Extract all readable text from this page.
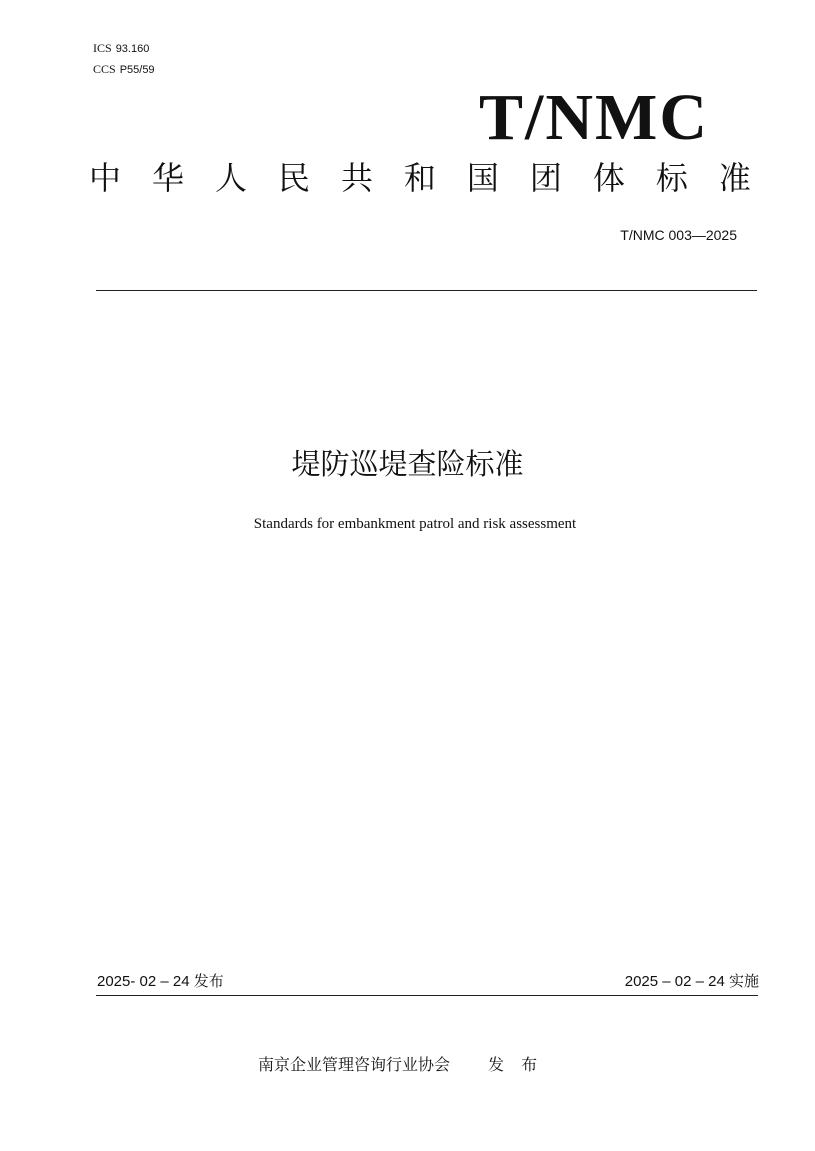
ICS 93.160
CCS P55/59
T/NMC
中 华 人 民 共 和 国 团 体 标 准
T/NMC 003—2025
堤防巡堤查险标准
Standards for embankment patrol and risk assessment
2025- 02 – 24 发布	2025 – 02 – 24 实施
南京企业管理咨询行业协会 发 布
